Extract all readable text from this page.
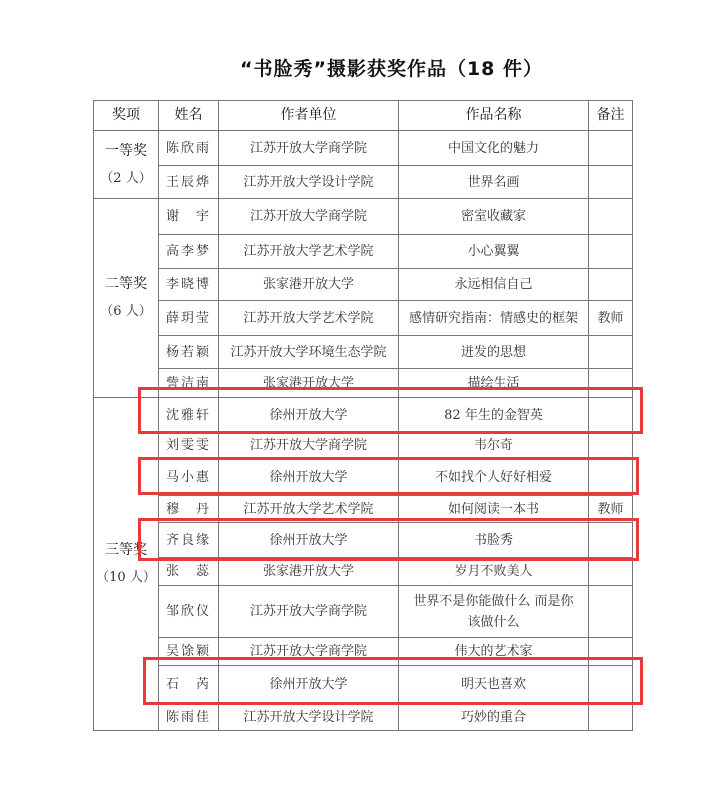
“书脸秀”摄影获奖作品（18 件）
奖项	姓名	作者单位	作品名称	备注

一等奖
（2 人）	陈欣雨	江苏开放大学商学院	中国文化的魅力	
	王辰烨	江苏开放大学设计学院	世界名画	

二等奖
（6 人）	谢　宇	江苏开放大学商学院	密室收藏家	
	高李梦	江苏开放大学艺术学院	小心翼翼	
	李晓博	张家港开放大学	永远相信自己	
	薛玥莹	江苏开放大学艺术学院	感情研究指南：情感史的框架	教师
	杨若颖	江苏开放大学环境生态学院	迸发的思想	
	訾洁南	张家港开放大学	描绘生活	

三等奖
（10 人）	沈雅轩	徐州开放大学	82 年生的金智英	
	刘雯雯	江苏开放大学商学院	韦尔奇	
	马小惠	徐州开放大学	不如找个人好好相爱	
	穆　丹	江苏开放大学艺术学院	如何阅读一本书	教师
	齐良缘	徐州开放大学	书脸秀	
	张　蕊	张家港开放大学	岁月不败美人	
	邹欣仪	江苏开放大学商学院	世界不是你能做什么 而是你该做什么	
	吴馀颖	江苏开放大学商学院	伟大的艺术家	
	石　芮	徐州开放大学	明天也喜欢	
	陈雨佳	江苏开放大学设计学院	巧妙的重合	
